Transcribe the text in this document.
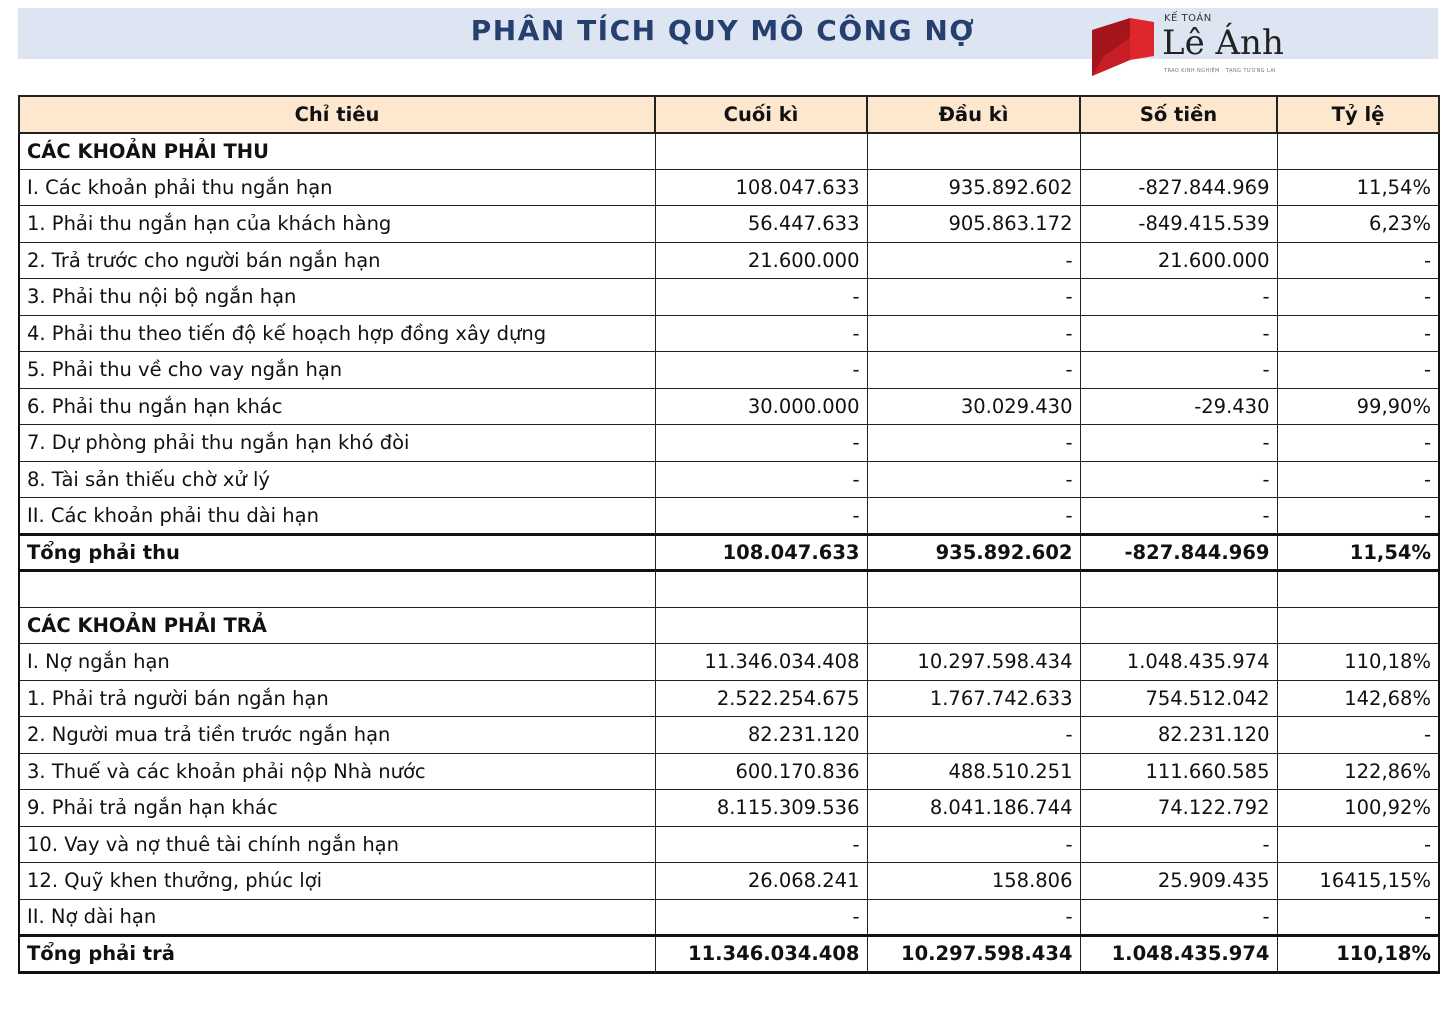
PHÂN TÍCH QUY MÔ CÔNG NỢ	KẾ TOÁN
Lê Ánh
TRAO KINH NGHIỆM · TẠNG TƯƠNG LAI
Chỉ tiêu	Cuối kì	Đầu kì	Số tiền	Tỷ lệ
CÁC KHOẢN PHẢI THU				
I. Các khoản phải thu ngắn hạn	108.047.633	935.892.602	-827.844.969	11,54%
1. Phải thu ngắn hạn của khách hàng	56.447.633	905.863.172	-849.415.539	6,23%
2. Trả trước cho người bán ngắn hạn	21.600.000	-	21.600.000	-
3. Phải thu nội bộ ngắn hạn	-	-	-	-
4. Phải thu theo tiến độ kế hoạch hợp đồng xây dựng	-	-	-	-
5. Phải thu về cho vay ngắn hạn	-	-	-	-
6. Phải thu ngắn hạn khác	30.000.000	30.029.430	-29.430	99,90%
7. Dự phòng phải thu ngắn hạn khó đòi	-	-	-	-
8. Tài sản thiếu chờ xử lý	-	-	-	-
II. Các khoản phải thu dài hạn	-	-	-	-
Tổng phải thu	108.047.633	935.892.602	-827.844.969	11,54%

CÁC KHOẢN PHẢI TRẢ				
I. Nợ ngắn hạn	11.346.034.408	10.297.598.434	1.048.435.974	110,18%
1. Phải trả người bán ngắn hạn	2.522.254.675	1.767.742.633	754.512.042	142,68%
2. Người mua trả tiền trước ngắn hạn	82.231.120	-	82.231.120	-
3. Thuế và các khoản phải nộp Nhà nước	600.170.836	488.510.251	111.660.585	122,86%
9. Phải trả ngắn hạn khác	8.115.309.536	8.041.186.744	74.122.792	100,92%
10. Vay và nợ thuê tài chính ngắn hạn	-	-	-	-
12. Quỹ khen thưởng, phúc lợi	26.068.241	158.806	25.909.435	16415,15%
II. Nợ dài hạn	-	-	-	-
Tổng phải trả	11.346.034.408	10.297.598.434	1.048.435.974	110,18%
